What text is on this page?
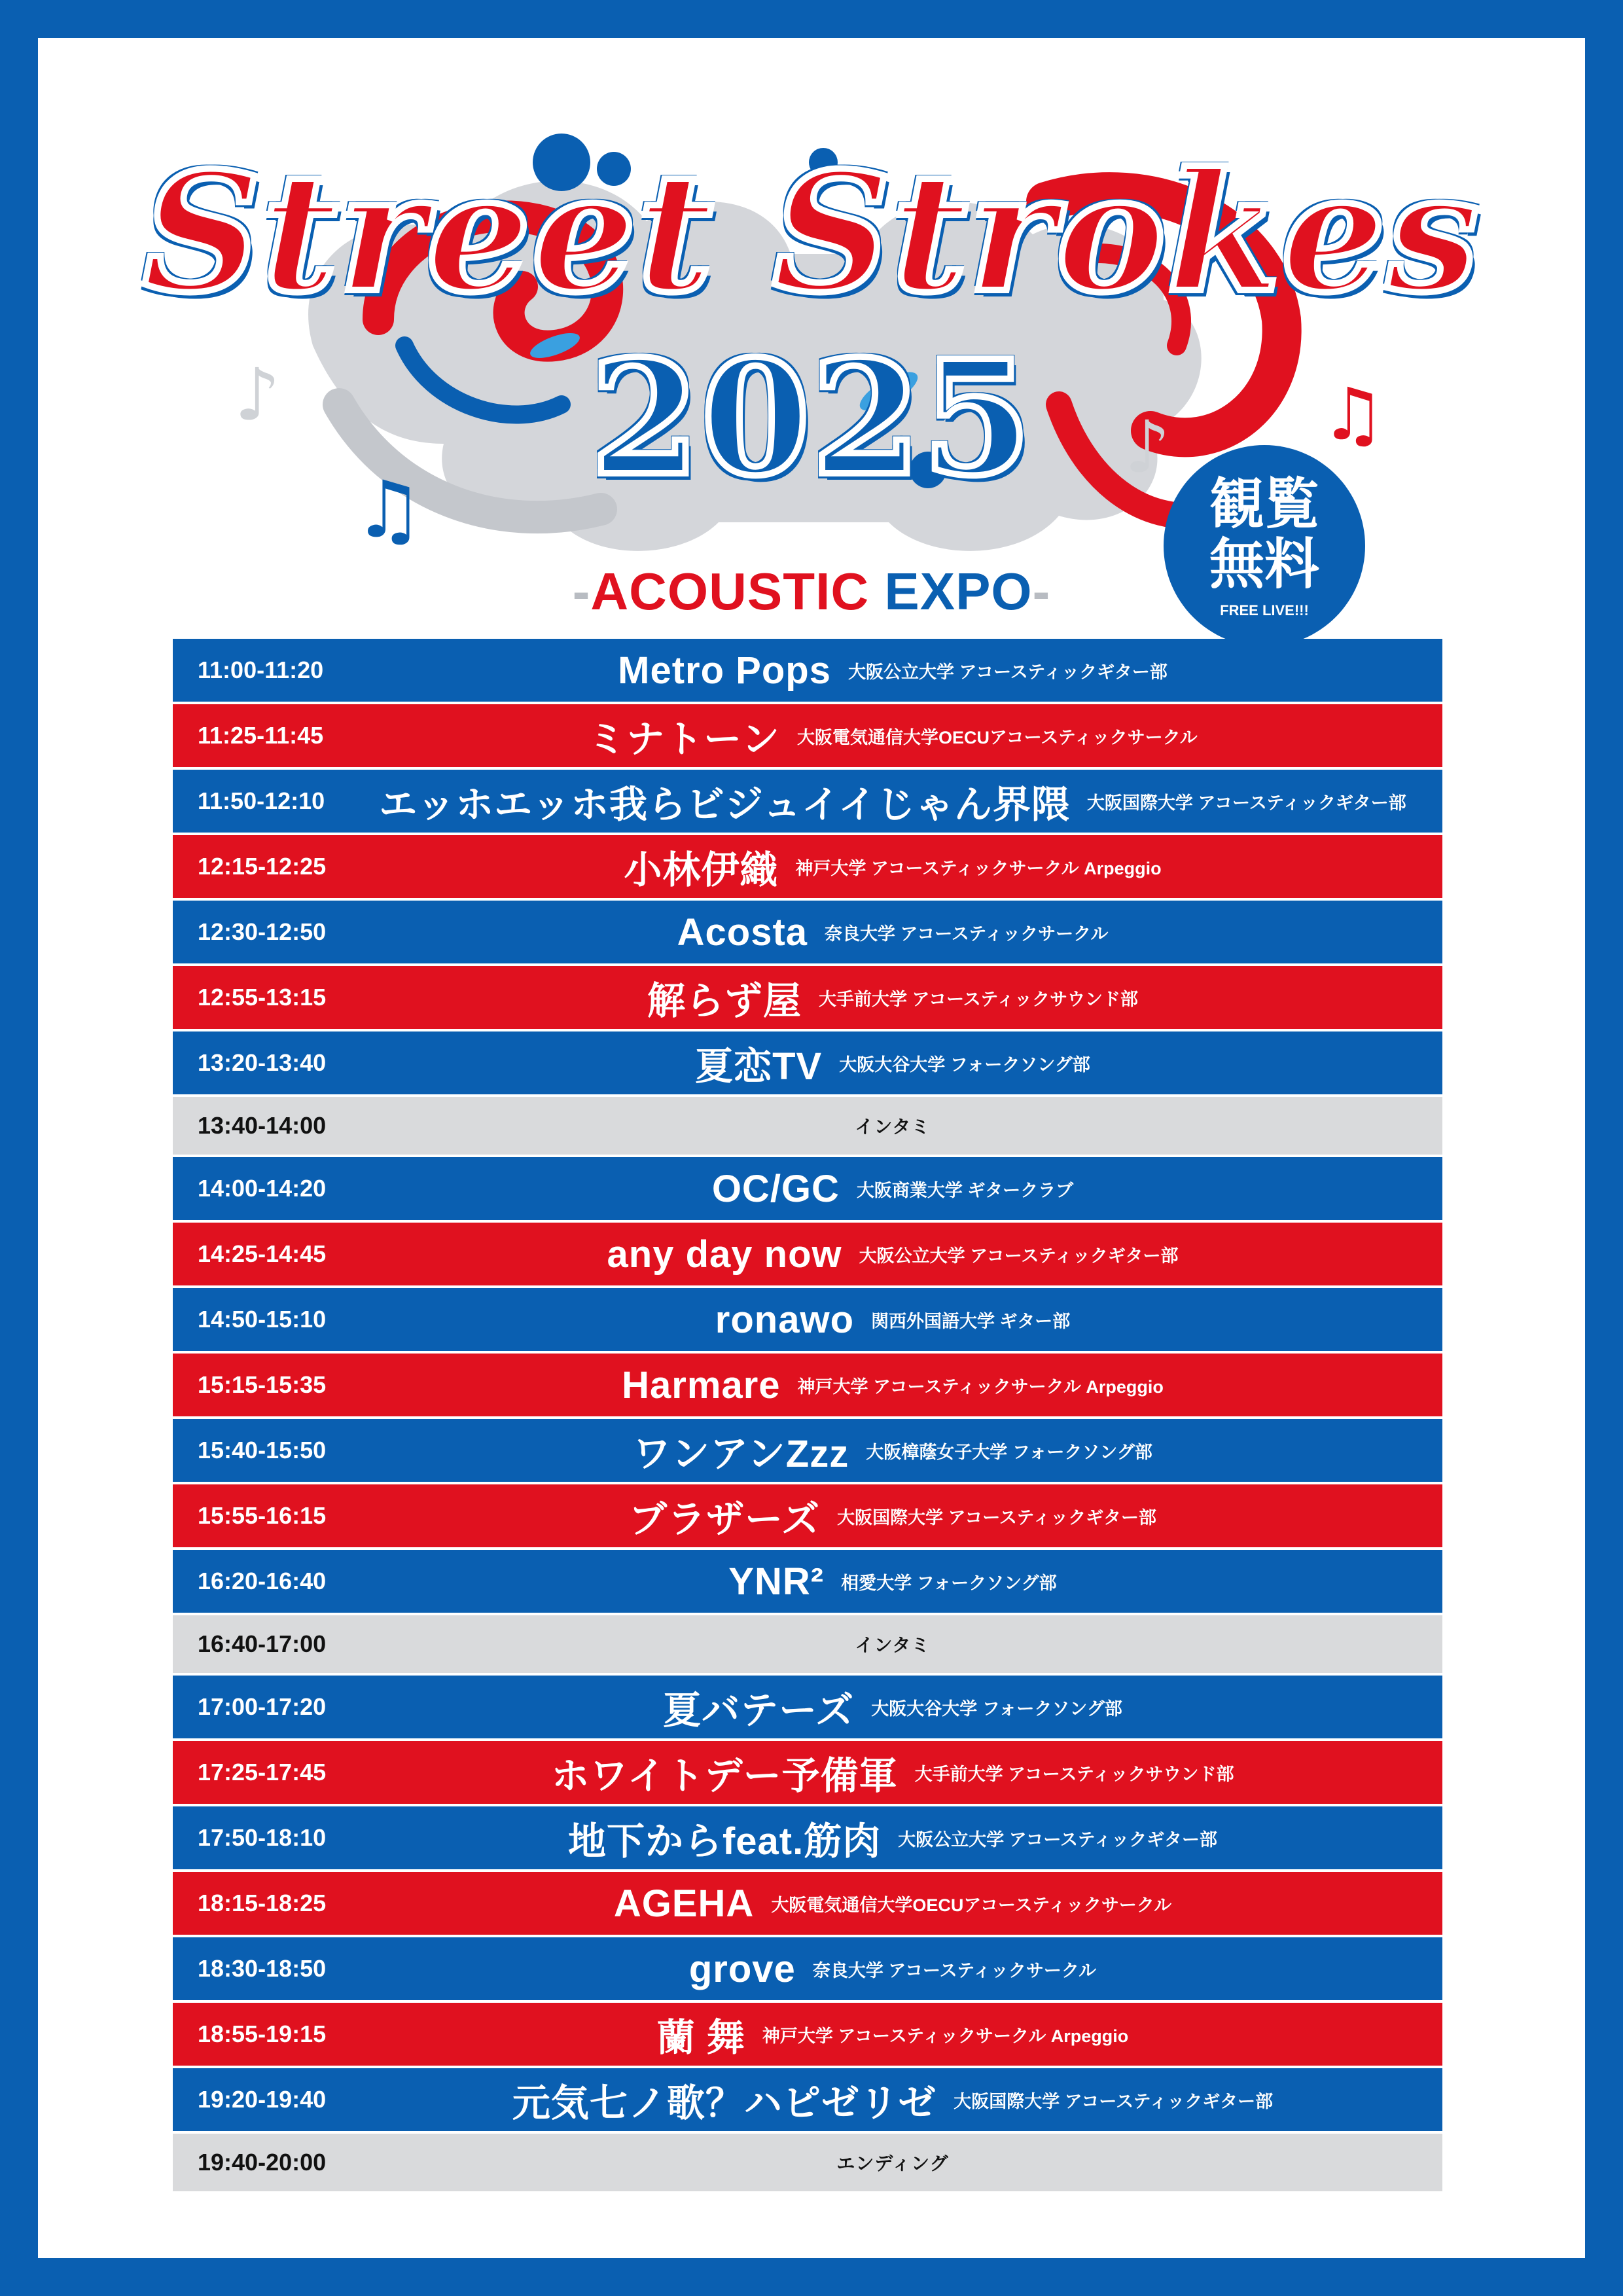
Street Strokes
2025
-ACOUSTIC EXPO-
観覧
無料
FREE LIVE!!!
♪
♫
♪ ♫
11:00-11:20	Metro Pops 大阪公立大学 アコースティックギター部
11:25-11:45	ミナトーン 大阪電気通信大学OECUアコースティックサークル
11:50-12:10	エッホエッホ我らビジュイイじゃん界隈 大阪国際大学 アコースティックギター部
12:15-12:25	小林伊織 神戸大学 アコースティックサークル Arpeggio
12:30-12:50	Acosta 奈良大学 アコースティックサークル
12:55-13:15	解らず屋 大手前大学 アコースティックサウンド部
13:20-13:40	夏恋TV 大阪大谷大学 フォークソング部
13:40-14:00	インタミ
14:00-14:20	OC/GC 大阪商業大学 ギタークラブ
14:25-14:45	any day now 大阪公立大学 アコースティックギター部
14:50-15:10	ronawo 関西外国語大学 ギター部
15:15-15:35	Harmare 神戸大学 アコースティックサークル Arpeggio
15:40-15:50	ワンアンZzz 大阪樟蔭女子大学 フォークソング部
15:55-16:15	ブラザーズ 大阪国際大学 アコースティックギター部
16:20-16:40	YNR² 相愛大学 フォークソング部
16:40-17:00	インタミ
17:00-17:20	夏バテーズ 大阪大谷大学 フォークソング部
17:25-17:45	ホワイトデー予備軍 大手前大学 アコースティックサウンド部
17:50-18:10	地下からfeat.筋肉 大阪公立大学 アコースティックギター部
18:15-18:25	AGEHA 大阪電気通信大学OECUアコースティックサークル
18:30-18:50	grove 奈良大学 アコースティックサークル
18:55-19:15	蘭 舞 神戸大学 アコースティックサークル Arpeggio
19:20-19:40	元気七ノ歌？ハピゼリゼ 大阪国際大学 アコースティックギター部
19:40-20:00	エンディング
